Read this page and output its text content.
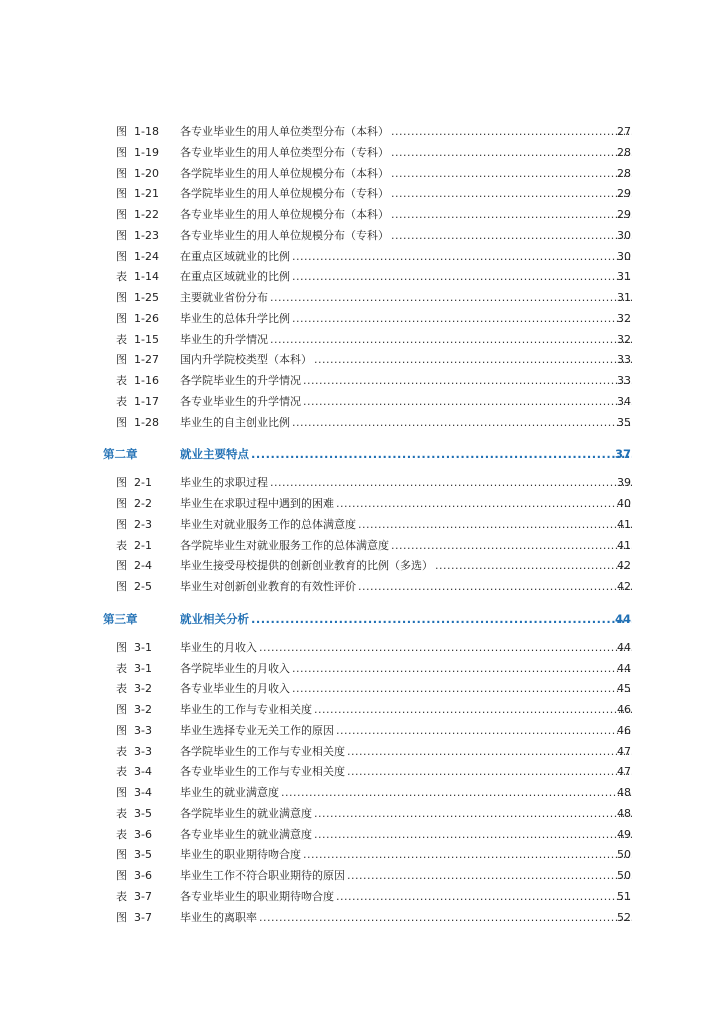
图 1-18	各专业毕业生的用人单位类型分布（本科） .....	27
图 1-19	各专业毕业生的用人单位类型分布（专科） .....	28
图 1-20	各学院毕业生的用人单位规模分布（本科） .....	28
图 1-21	各学院毕业生的用人单位规模分布（专科） .....	29
图 1-22	各专业毕业生的用人单位规模分布（本科） .....	29
图 1-23	各专业毕业生的用人单位规模分布（专科） .....	30
图 1-24	在重点区域就业的比例 .....	30
表 1-14	在重点区域就业的比例 .....	31
图 1-25	主要就业省份分布 .....	31
图 1-26	毕业生的总体升学比例 .....	32
表 1-15	毕业生的升学情况 .....	32
图 1-27	国内升学院校类型（本科） .....	33
表 1-16	各学院毕业生的升学情况 .....	33
表 1-17	各专业毕业生的升学情况 .....	34
图 1-28	毕业生的自主创业比例 .....	35
第二章	就业主要特点 .....	37
图 2-1	毕业生的求职过程 .....	39
图 2-2	毕业生在求职过程中遇到的困难 .....	40
图 2-3	毕业生对就业服务工作的总体满意度 .....	41
表 2-1	各学院毕业生对就业服务工作的总体满意度 .....	41
图 2-4	毕业生接受母校提供的创新创业教育的比例（多选） .....	42
图 2-5	毕业生对创新创业教育的有效性评价 .....	42
第三章	就业相关分析 .....	44
图 3-1	毕业生的月收入 .....	44
表 3-1	各学院毕业生的月收入 .....	44
表 3-2	各专业毕业生的月收入 .....	45
图 3-2	毕业生的工作与专业相关度 .....	46
图 3-3	毕业生选择专业无关工作的原因 .....	46
表 3-3	各学院毕业生的工作与专业相关度 .....	47
表 3-4	各专业毕业生的工作与专业相关度 .....	47
图 3-4	毕业生的就业满意度 .....	48
表 3-5	各学院毕业生的就业满意度 .....	48
表 3-6	各专业毕业生的就业满意度 .....	49
图 3-5	毕业生的职业期待吻合度 .....	50
图 3-6	毕业生工作不符合职业期待的原因 .....	50
表 3-7	各专业毕业生的职业期待吻合度 .....	51
图 3-7	毕业生的离职率 .....	52
